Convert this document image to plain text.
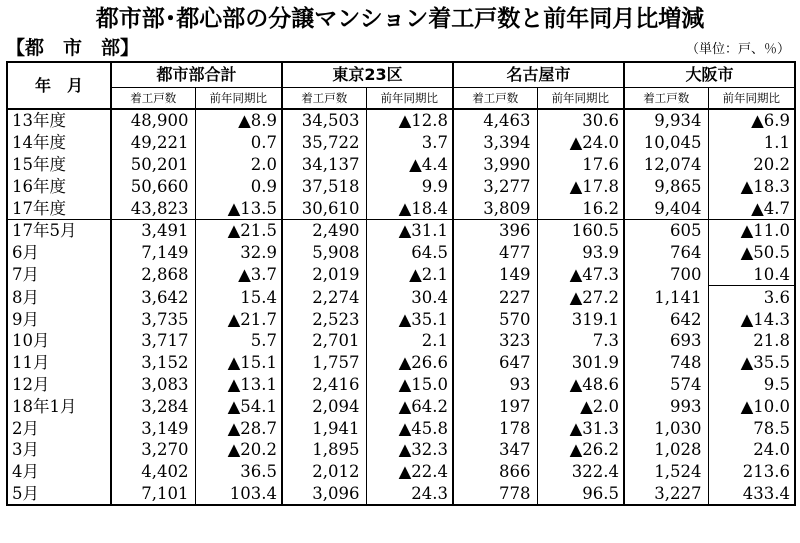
都市部･都心部の分譲マンション着工戸数と前年同月比増減
【都　市　部】	（単位：戸、％）
年　月	都市部合計		東京23区		名古屋市		大阪市	
	着工戸数	前年同期比	着工戸数	前年同期比	着工戸数	前年同期比	着工戸数	前年同期比
13年度	48,900	▲8.9	34,503	▲12.8	4,463	30.6	9,934	▲6.9
14年度	49,221	0.7	35,722	3.7	3,394	▲24.0	10,045	1.1
15年度	50,201	2.0	34,137	▲4.4	3,990	17.6	12,074	20.2
16年度	50,660	0.9	37,518	9.9	3,277	▲17.8	9,865	▲18.3
17年度	43,823	▲13.5	30,610	▲18.4	3,809	16.2	9,404	▲4.7
17年5月	3,491	▲21.5	2,490	▲31.1	396	160.5	605	▲11.0
6月	7,149	32.9	5,908	64.5	477	93.9	764	▲50.5
7月	2,868	▲3.7	2,019	▲2.1	149	▲47.3	700	10.4
8月	3,642	15.4	2,274	30.4	227	▲27.2	1,141	3.6
9月	3,735	▲21.7	2,523	▲35.1	570	319.1	642	▲14.3
10月	3,717	5.7	2,701	2.1	323	7.3	693	21.8
11月	3,152	▲15.1	1,757	▲26.6	647	301.9	748	▲35.5
12月	3,083	▲13.1	2,416	▲15.0	93	▲48.6	574	9.5
18年1月	3,284	▲54.1	2,094	▲64.2	197	▲2.0	993	▲10.0
2月	3,149	▲28.7	1,941	▲45.8	178	▲31.3	1,030	78.5
3月	3,270	▲20.2	1,895	▲32.3	347	▲26.2	1,028	24.0
4月	4,402	36.5	2,012	▲22.4	866	322.4	1,524	213.6
5月	7,101	103.4	3,096	24.3	778	96.5	3,227	433.4
